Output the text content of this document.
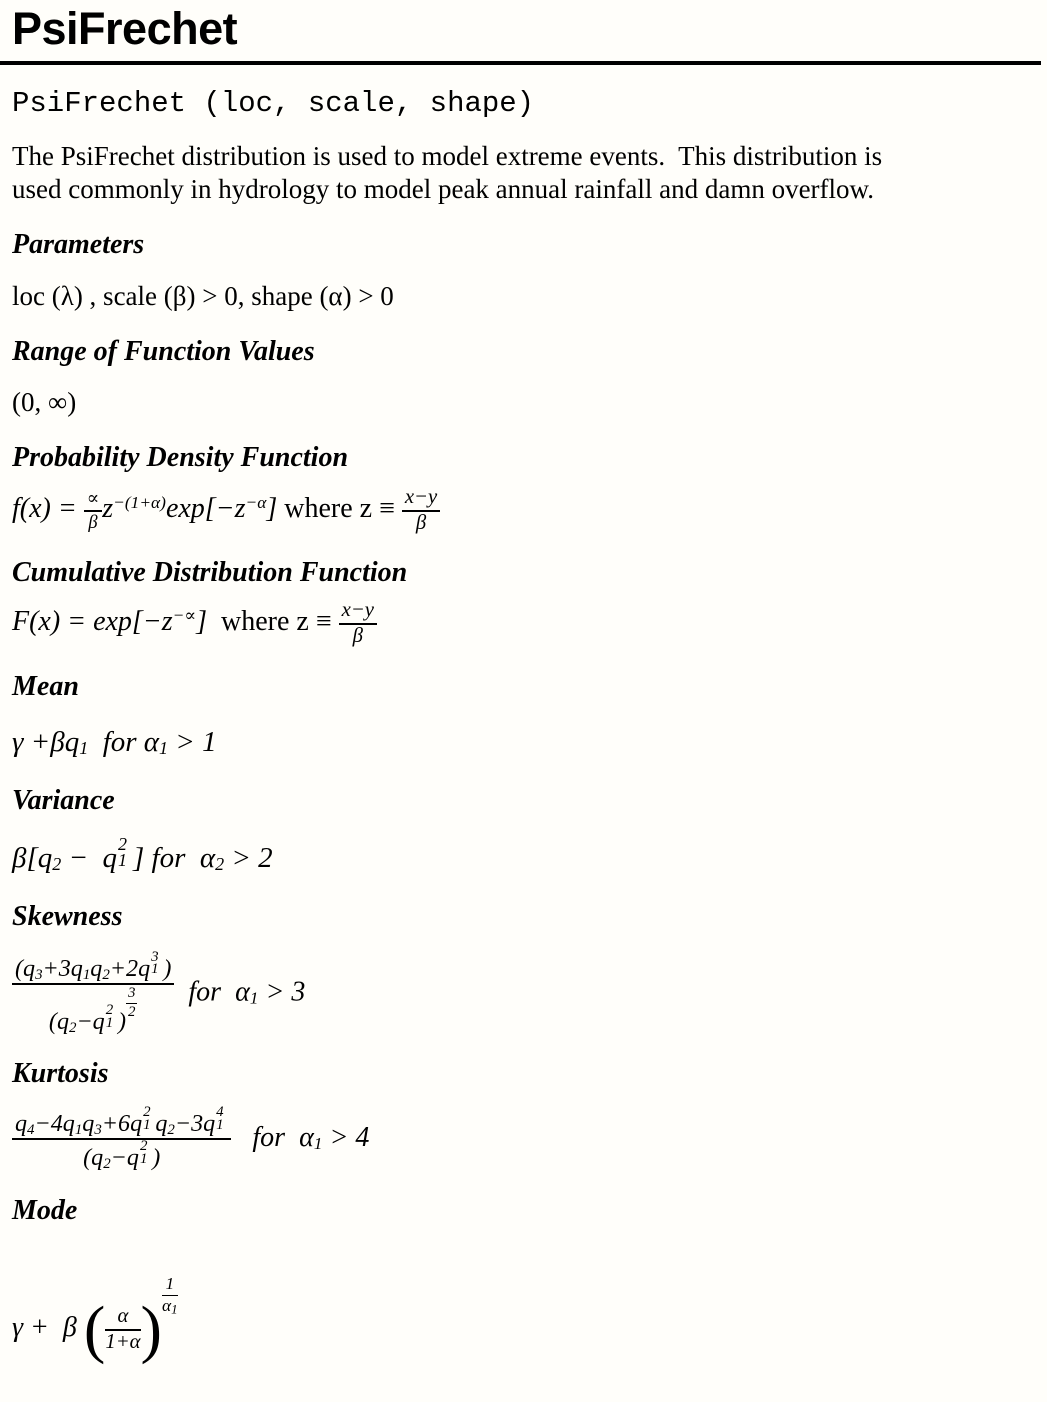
PsiFrechet
PsiFrechet (loc, scale, shape)

The PsiFrechet distribution is used to model extreme events.  This distribution is
used commonly in hydrology to model peak annual rainfall and damn overflow.

Parameters

loc (λ) , scale (β) > 0, shape (α) > 0

Range of Function Values

(0, ∞)

Probability Density Function
$f(x) = \frac{\propto}{\beta} z^{-(1+\alpha)}\exp[-z^{-\alpha}]$ where $z \equiv \frac{x-y}{\beta}$
Cumulative Distribution Function
F(x) = exp[−z−∝]  where $z \equiv \frac{x-y}{\beta}$
Mean
$\gamma +\beta q_1$  for $\alpha_1 > 1$
Variance
$\beta[q_2 - q$ 2
1 ] for  $\alpha_2 > 2$
Skewness
($q_3+3q_1q_2+2q$ 3
1 )
($q_2-q$ 2
1 )
$\frac{3}{2}$ for  $\alpha_1 > 3$
Kurtosis
$q_4-4q_1q_3+6q$ 2
1 $q_2-3q$ 4
1
($q_2-q$ 2
1 ) for  $\alpha_1 > 4$
Mode
γ +  β ( $\frac{\alpha}{1+\alpha}$ ) $\frac{1}{\alpha_1}$
